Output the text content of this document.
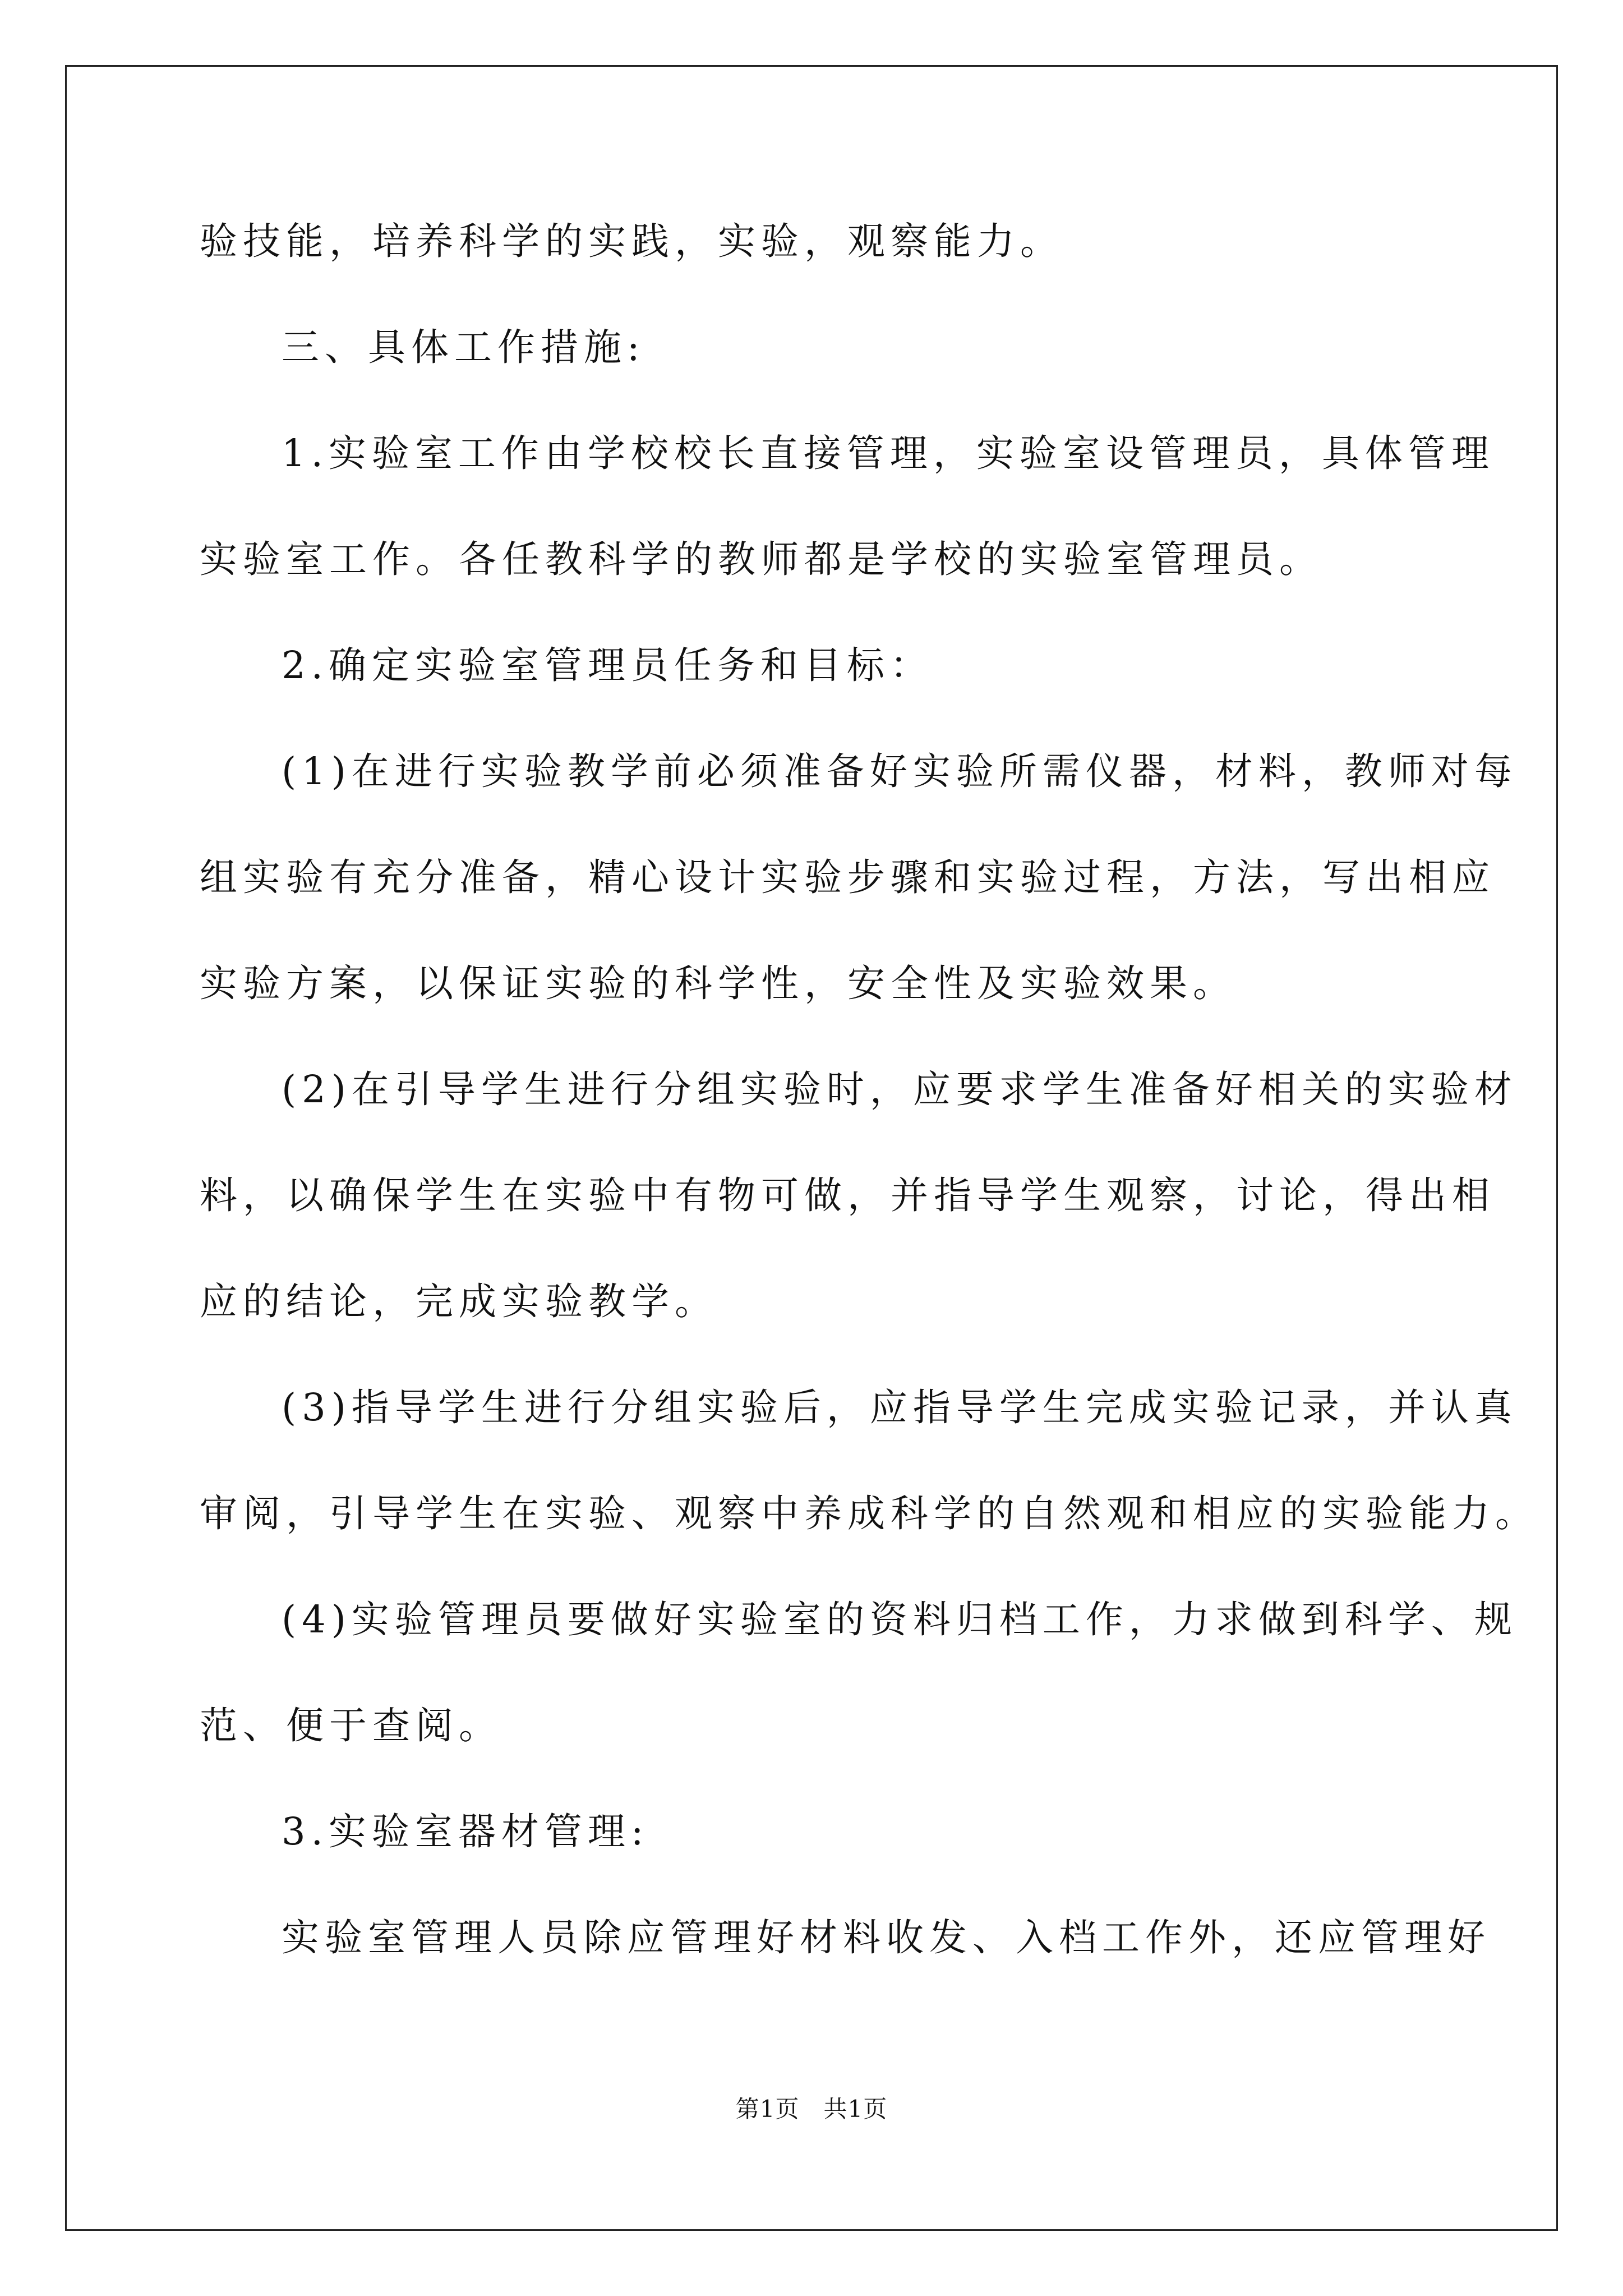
验技能，培养科学的实践，实验，观察能力。
三、具体工作措施:
1.实验室工作由学校校长直接管理，实验室设管理员，具体管理
实验室工作。各任教科学的教师都是学校的实验室管理员。
2.确定实验室管理员任务和目标：
(1)在进行实验教学前必须准备好实验所需仪器，材料，教师对每
组实验有充分准备，精心设计实验步骤和实验过程，方法，写出相应
实验方案，以保证实验的科学性，安全性及实验效果。
(2)在引导学生进行分组实验时，应要求学生准备好相关的实验材
料，以确保学生在实验中有物可做，并指导学生观察，讨论，得出相
应的结论，完成实验教学。
(3)指导学生进行分组实验后，应指导学生完成实验记录，并认真
审阅，引导学生在实验、观察中养成科学的自然观和相应的实验能力。
(4)实验管理员要做好实验室的资料归档工作，力求做到科学、规
范、便于查阅。
3.实验室器材管理:
实验室管理人员除应管理好材料收发、入档工作外，还应管理好
第1页　共1页
